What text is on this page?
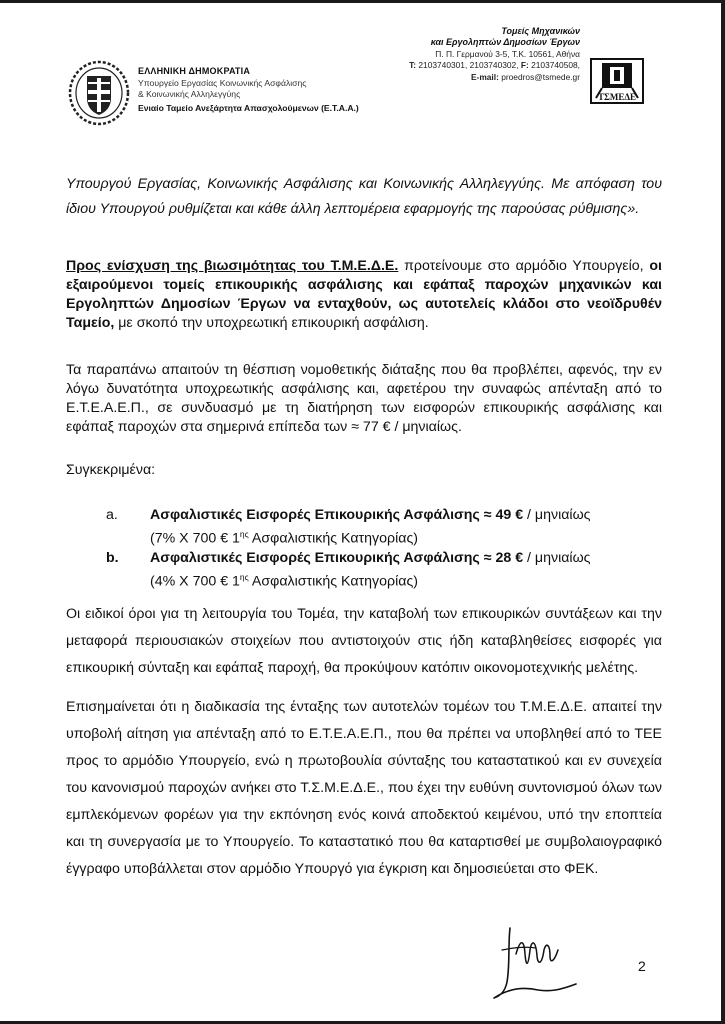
ΕΛΛΗΝΙΚΗ ΔΗΜΟΚΡΑΤΙΑ
Υπουργείο Εργασίας Κοινωνικής Ασφάλισης
& Κοινωνικής Αλληλεγγύης
Ενιαίο Ταμείο Ανεξάρτητα Απασχολούμενων (Ε.Τ.Α.Α.)
Τομείς Μηχανικών
και Εργοληπτών Δημοσίων Έργων
Π. Π. Γερμανού 3-5, Τ.Κ. 10561, Αθήνα
Τ: 2103740301, 2103740302, F: 2103740508,
E-mail: proedros@tsmede.gr
ΤΣΜΕΔΕ

Υπουργού Εργασίας, Κοινωνικής Ασφάλισης και Κοινωνικής Αλληλεγγύης. Με απόφαση του ίδιου Υπουργού ρυθμίζεται και κάθε άλλη λεπτομέρεια εφαρμογής της παρούσας ρύθμισης».

Προς ενίσχυση της βιωσιμότητας του Τ.Μ.Ε.Δ.Ε. προτείνουμε στο αρμόδιο Υπουργείο, οι εξαιρούμενοι τομείς επικουρικής ασφάλισης και εφάπαξ παροχών μηχανικών και Εργοληπτών Δημοσίων Έργων να ενταχθούν, ως αυτοτελείς κλάδοι στο νεοϊδρυθέν Ταμείο, με σκοπό την υποχρεωτική επικουρική ασφάλιση.

Τα παραπάνω απαιτούν τη θέσπιση νομοθετικής διάταξης που θα προβλέπει, αφενός, την εν λόγω δυνατότητα υποχρεωτικής ασφάλισης και, αφετέρου την συναφώς απένταξη από το Ε.Τ.Ε.Α.Ε.Π., σε συνδυασμό με τη διατήρηση των εισφορών επικουρικής ασφάλισης και εφάπαξ παροχών στα σημερινά επίπεδα των ≈ 77 € / μηνιαίως.

Συγκεκριμένα:

a.	Ασφαλιστικές Εισφορές Επικουρικής Ασφάλισης ≈ 49 € / μηνιαίως
(7% Χ 700 € $1^{\eta\varsigma}$ Ασφαλιστικής Κατηγορίας)
b.	Ασφαλιστικές Εισφορές Επικουρικής Ασφάλισης ≈ 28 € / μηνιαίως
(4% Χ 700 € $1^{\eta\varsigma}$ Ασφαλιστικής Κατηγορίας)

Οι ειδικοί όροι για τη λειτουργία του Τομέα, την καταβολή των επικουρικών συντάξεων και την μεταφορά περιουσιακών στοιχείων που αντιστοιχούν στις ήδη καταβληθείσες εισφορές για επικουρική σύνταξη και εφάπαξ παροχή, θα προκύψουν κατόπιν οικονομοτεχνικής μελέτης.

Επισημαίνεται ότι η διαδικασία της ένταξης των αυτοτελών τομέων του Τ.Μ.Ε.Δ.Ε. απαιτεί την υποβολή αίτηση για απένταξη από το Ε.Τ.Ε.Α.Ε.Π., που θα πρέπει να υποβληθεί από το ΤΕΕ προς το αρμόδιο Υπουργείο, ενώ η πρωτοβουλία σύνταξης του καταστατικού και εν συνεχεία του κανονισμού παροχών ανήκει στο Τ.Σ.Μ.Ε.Δ.Ε., που έχει την ευθύνη συντονισμού όλων των εμπλεκόμενων φορέων για την εκπόνηση ενός κοινά αποδεκτού κειμένου, υπό την εποπτεία και τη συνεργασία με το Υπουργείο. Το καταστατικό που θα καταρτισθεί με συμβολαιογραφικό έγγραφο υποβάλλεται στον αρμόδιο Υπουργό για έγκριση και δημοσιεύεται στο ΦΕΚ.

2
